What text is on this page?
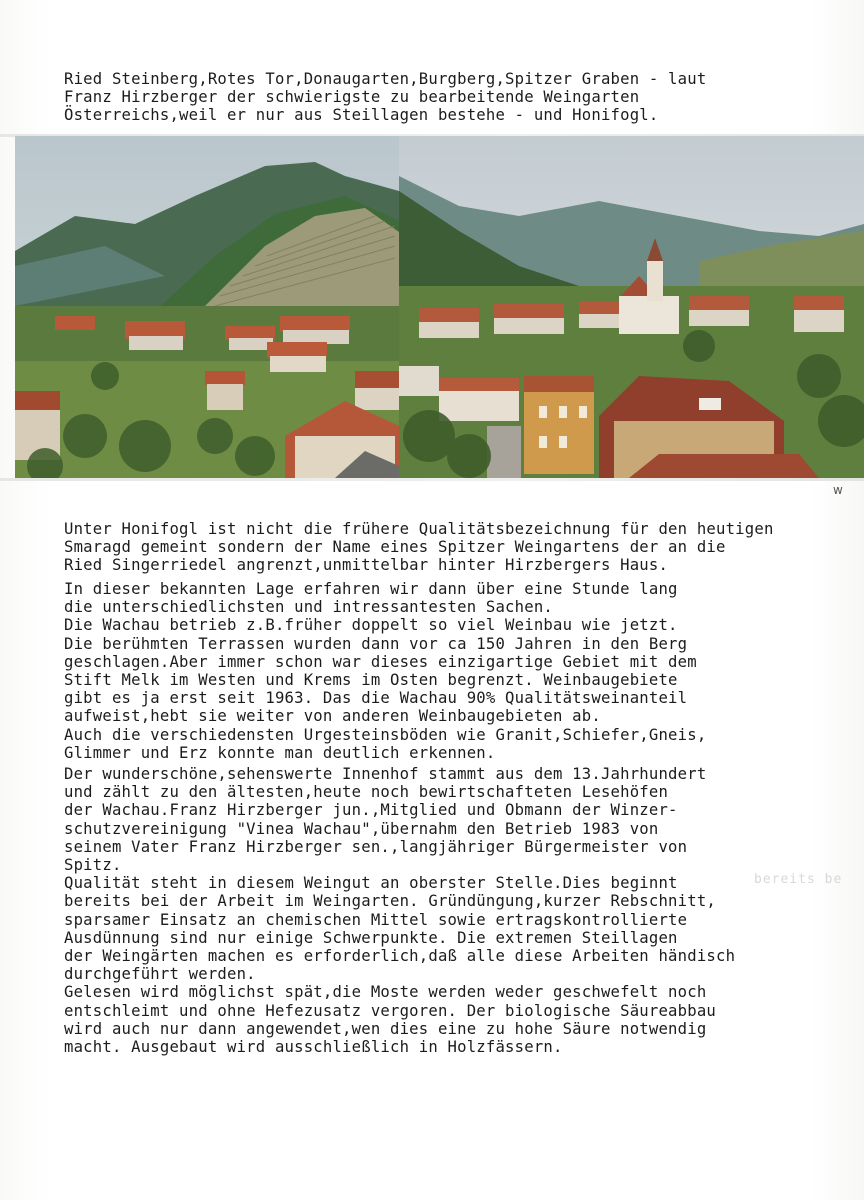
Ried Steinberg,Rotes Tor,Donaugarten,Burgberg,Spitzer Graben - laut
Franz Hirzberger der schwierigste zu bearbeitende Weingarten
Österreichs,weil er nur aus Steillagen bestehe - und Honifogl.
w
Unter Honifogl ist nicht die frühere Qualitätsbezeichnung für den heutigen
Smaragd gemeint sondern der Name eines Spitzer Weingartens der an die
Ried Singerriedel angrenzt,unmittelbar hinter Hirzbergers Haus.
In dieser bekannten Lage erfahren wir dann über eine Stunde lang
die unterschiedlichsten und intressantesten Sachen.
Die Wachau betrieb z.B.früher doppelt so viel Weinbau wie jetzt.
Die berühmten Terrassen wurden dann vor ca 150 Jahren in den Berg
geschlagen.Aber immer schon war dieses einzigartige Gebiet mit dem
Stift Melk im Westen und Krems im Osten begrenzt. Weinbaugebiete
gibt es ja erst seit 1963. Das die Wachau 90% Qualitätsweinanteil
aufweist,hebt sie weiter von anderen Weinbaugebieten ab.
Auch die verschiedensten Urgesteinsböden wie Granit,Schiefer,Gneis,
Glimmer und Erz konnte man deutlich erkennen.
Der wunderschöne,sehenswerte Innenhof stammt aus dem 13.Jahrhundert
und zählt zu den ältesten,heute noch bewirtschafteten Lesehöfen
der Wachau.Franz Hirzberger jun.,Mitglied und Obmann der Winzer-
schutzvereinigung "Vinea Wachau",übernahm den Betrieb 1983 von
seinem Vater Franz Hirzberger sen.,langjähriger Bürgermeister von
Spitz.
Qualität steht in diesem Weingut an oberster Stelle.Dies beginnt
bereits bei der Arbeit im Weingarten. Gründüngung,kurzer Rebschnitt,
sparsamer Einsatz an chemischen Mittel sowie ertragskontrollierte
Ausdünnung sind nur einige Schwerpunkte. Die extremen Steillagen
der Weingärten machen es erforderlich,daß alle diese Arbeiten händisch
durchgeführt werden.
Gelesen wird möglichst spät,die Moste werden weder geschwefelt noch
entschleimt und ohne Hefezusatz vergoren. Der biologische Säureabbau
wird auch nur dann angewendet,wen dies eine zu hohe Säure notwendig
macht. Ausgebaut wird ausschließlich in Holzfässern.
bereits be
